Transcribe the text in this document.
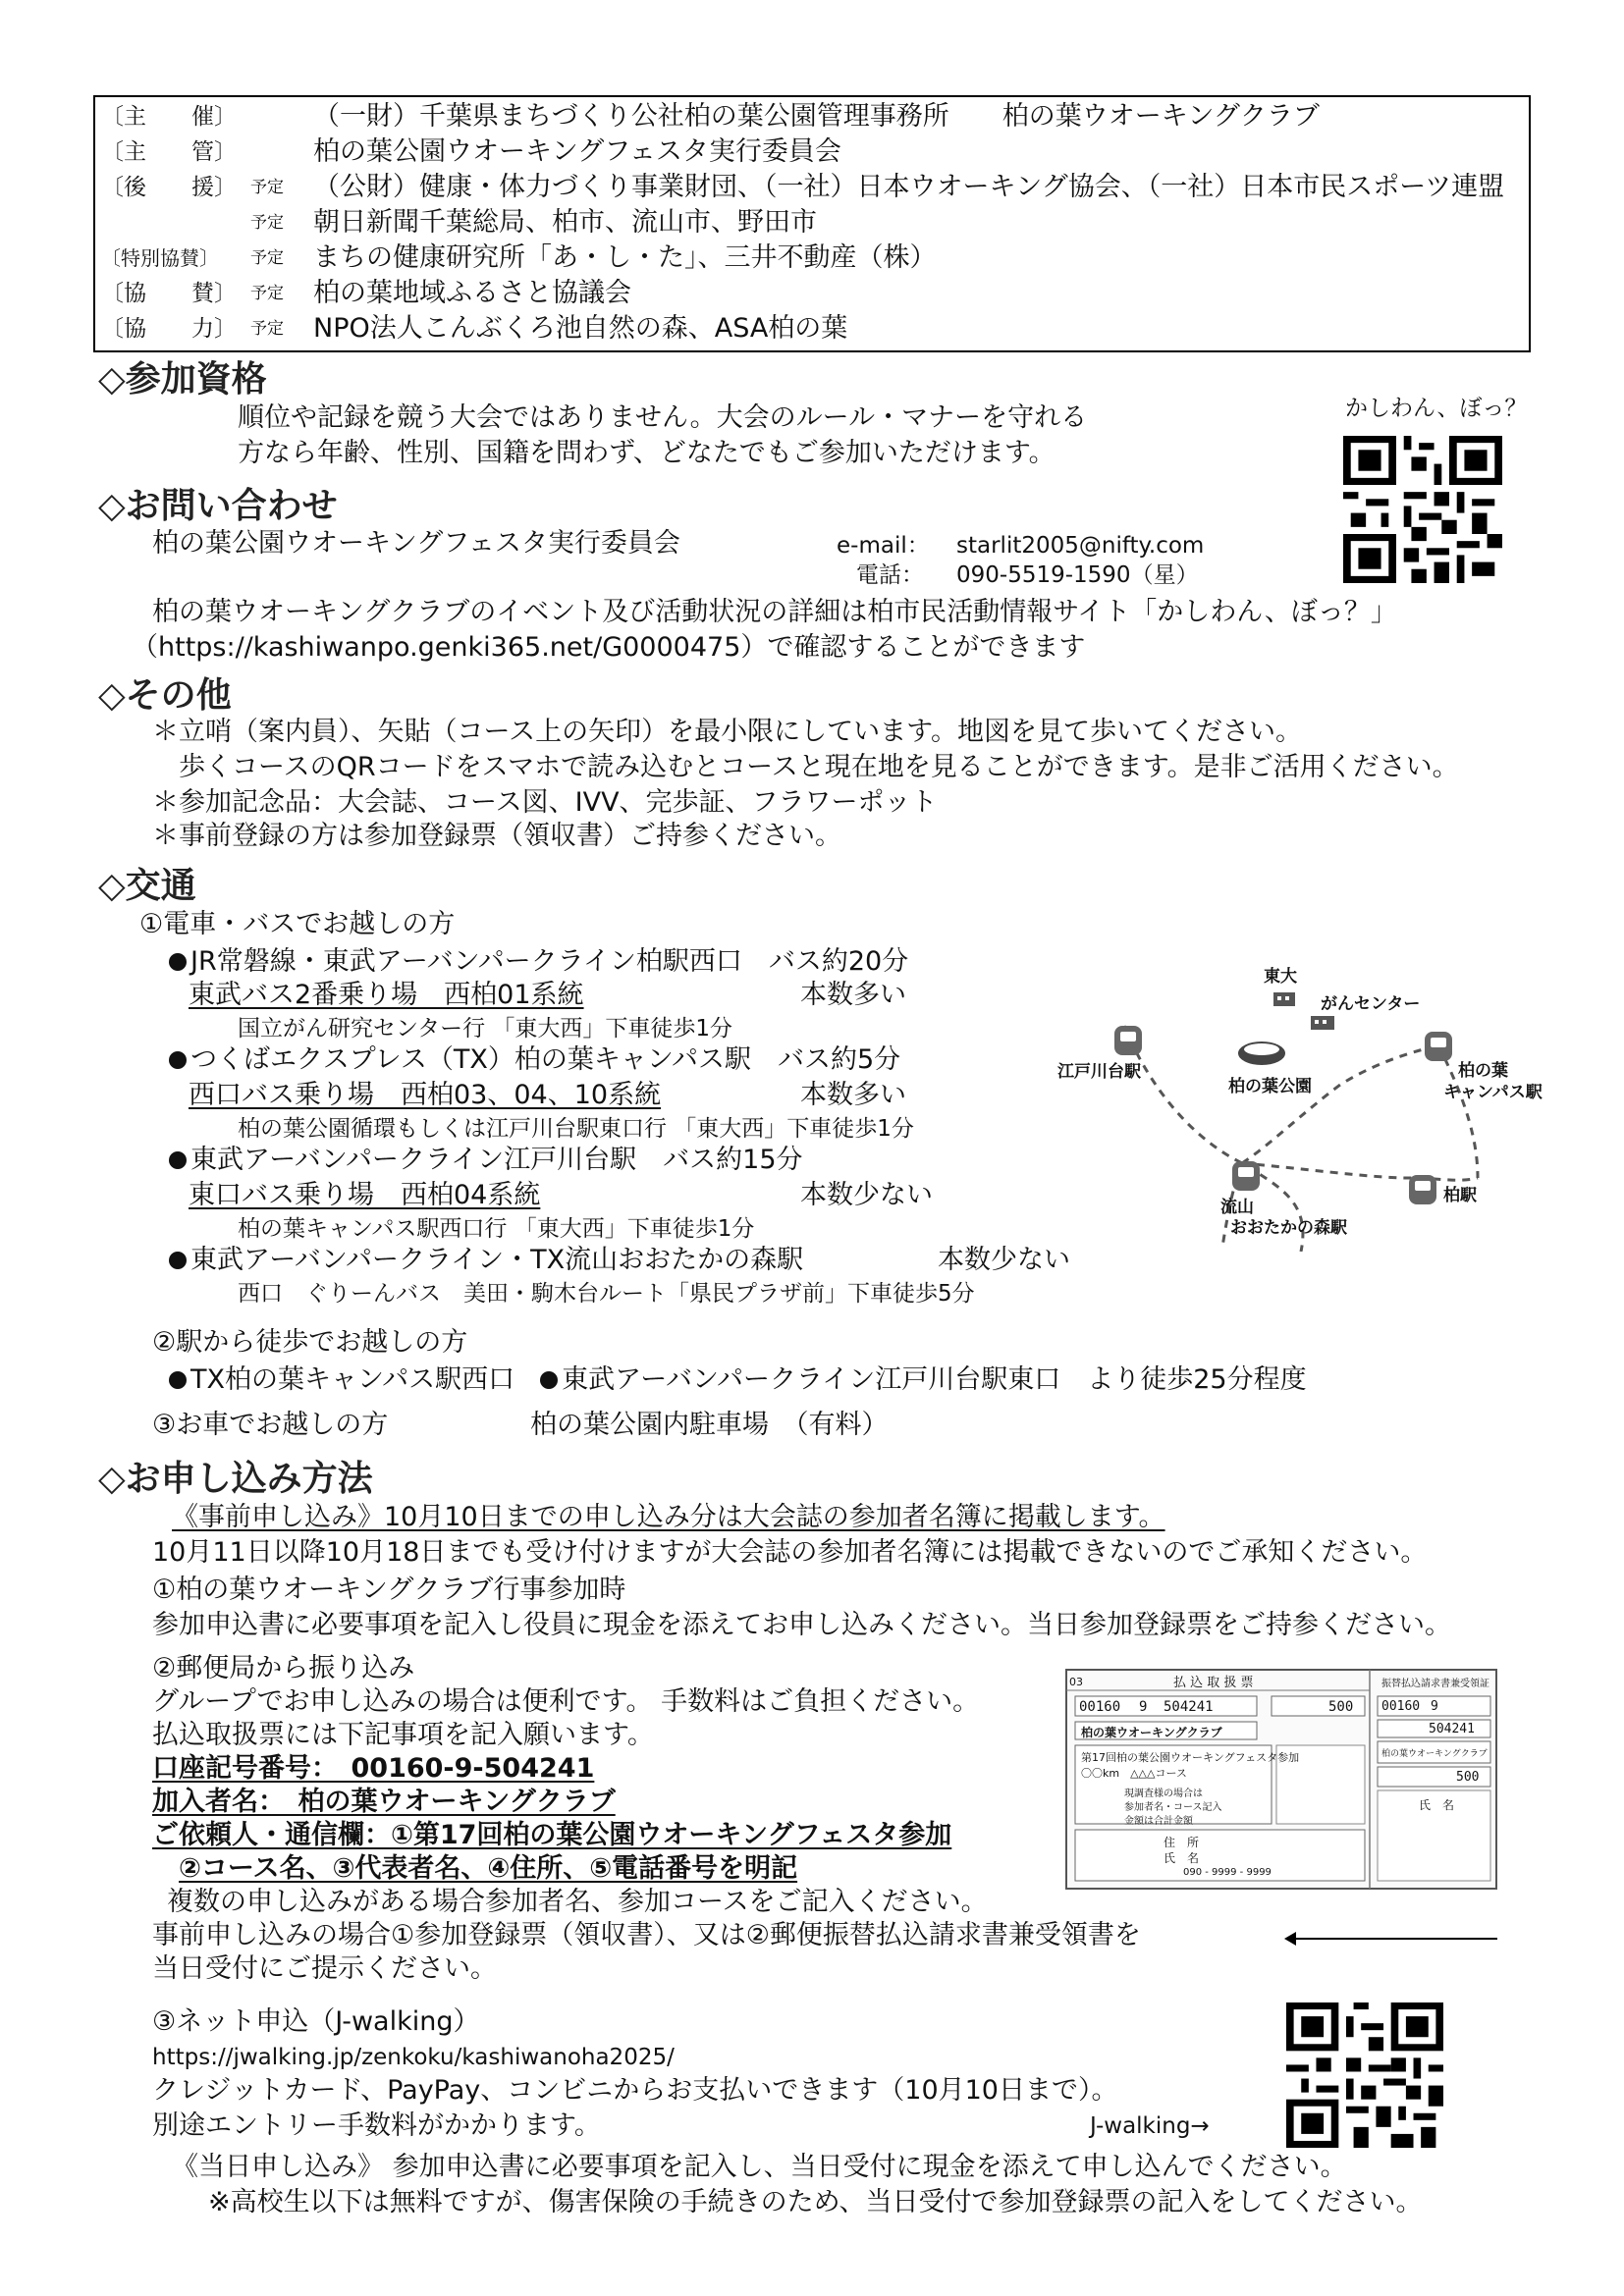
〔主 催〕	（一財）千葉県まちづくり公社柏の葉公園管理事務所　　柏の葉ウオーキングクラブ
〔主 管〕	柏の葉公園ウオーキングフェスタ実行委員会
〔後 援〕 予定 （公財）健康・体力づくり事業財団、（一社）日本ウオーキング協会、（一社）日本市民スポーツ連盟
予定 朝日新聞千葉総局、柏市、流山市、野田市
〔特別協賛〕 予定 まちの健康研究所「あ・し・た」、三井不動産（株）
〔協 賛〕 予定 柏の葉地域ふるさと協議会
〔協 力〕 予定 NPO法人こんぶくろ池自然の森、ASA柏の葉
◇参加資格
順位や記録を競う大会ではありません。大会のルール・マナーを守れる
方なら年齢、性別、国籍を問わず、どなたでもご参加いただけます。
かしわん、ぼっ？
◇お問い合わせ
柏の葉公園ウオーキングフェスタ実行委員会	e-mail： starlit2005@nifty.com
電話： 090-5519-1590（星）
柏の葉ウオーキングクラブのイベント及び活動状況の詳細は柏市民活動情報サイト「かしわん、ぼっ？」
（https://kashiwanpo.genki365.net/G0000475）で確認することができます
◇その他
＊立哨（案内員）、矢貼（コース上の矢印）を最小限にしています。地図を見て歩いてください。
　歩くコースのQRコードをスマホで読み込むとコースと現在地を見ることができます。是非ご活用ください。
＊参加記念品：大会誌、コース図、IVV、完歩証、フラワーポット
＊事前登録の方は参加登録票（領収書）ご持参ください。
◇交通
①電車・バスでお越しの方
JR常磐線・東武アーバンパークライン柏駅西口　バス約20分
東武バス2番乗り場　西柏01系統	本数多い
国立がん研究センター行 「東大西」下車徒歩1分
つくばエクスプレス（TX）柏の葉キャンパス駅　バス約5分
西口バス乗り場　西柏03、04、10系統	本数多い
柏の葉公園循環もしくは江戸川台駅東口行 「東大西」下車徒歩1分
東武アーバンパークライン江戸川台駅　バス約15分
東口バス乗り場　西柏04系統	本数少ない
柏の葉キャンパス駅西口行 「東大西」下車徒歩1分
東武アーバンパークライン・TX流山おおたかの森駅	本数少ない
西口　ぐりーんバス　美田・駒木台ルート「県民プラザ前」下車徒歩5分
②駅から徒歩でお越しの方
TX柏の葉キャンパス駅西口 東武アーバンパークライン江戸川台駅東口　より徒歩25分程度
③お車でお越しの方	柏の葉公園内駐車場　（有料）
東大
がんセンター
江戸川台駅
柏の葉公園
柏の葉
キャンパス駅
流山
おおたかの森駅
柏駅
◇お申し込み方法
《事前申し込み》10月10日までの申し込み分は大会誌の参加者名簿に掲載します。
10月11日以降10月18日までも受け付けますが大会誌の参加者名簿には掲載できないのでご承知ください。
①柏の葉ウオーキングクラブ行事参加時
参加申込書に必要事項を記入し役員に現金を添えてお申し込みください。当日参加登録票をご持参ください。
②郵便局から振り込み
グループでお申し込みの場合は便利です。 手数料はご負担ください。
払込取扱票には下記事項を記入願います。
口座記号番号：　00160-9-504241
加入者名：　柏の葉ウオーキングクラブ
ご依頼人・通信欄：①第17回柏の葉公園ウオーキングフェスタ参加
②コース名、③代表者名、④住所、⑤電話番号を明記
複数の申し込みがある場合参加者名、参加コースをご記入ください。
事前申し込みの場合①参加登録票（領収書）、又は②郵便振替払込請求書兼受領書を
当日受付にご提示ください。
03	払 込 取 扱 票	振替払込請求書兼受領証
00160 9 504241	500
柏の葉ウオーキングクラブ
第17回柏の葉公園ウオーキングフェスタ参加
〇〇km　△△△コース
現調査様の場合は
参加者名・コース記入
金額は合計金額
住　所
氏　名
090 - 9999 - 9999
00160 9
504241
柏の葉ウオーキングクラブ
500
氏　名
③ネット申込（J-walking）
https://jwalking.jp/zenkoku/kashiwanoha2025/
クレジットカード、PayPay、コンビニからお支払いできます（10月10日まで）。
別途エントリー手数料がかかります。	J-walking→
《当日申し込み》 参加申込書に必要事項を記入し、当日受付に現金を添えて申し込んでください。
※高校生以下は無料ですが、傷害保険の手続きのため、当日受付で参加登録票の記入をしてください。
